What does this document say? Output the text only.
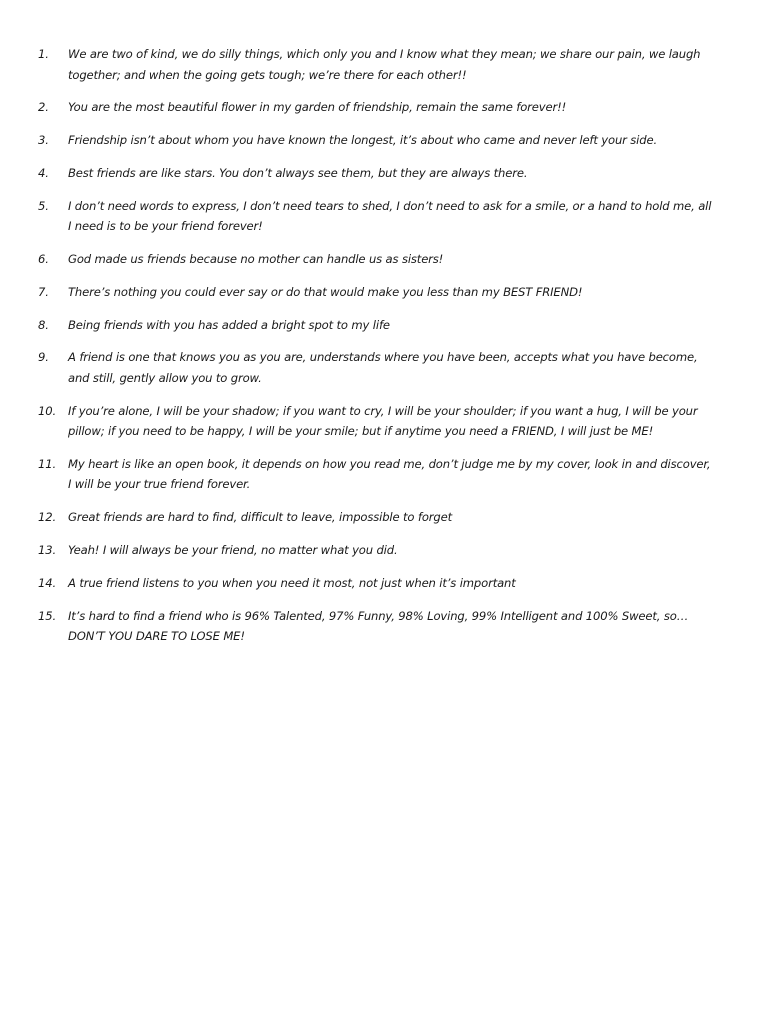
1.	We are two of kind, we do silly things, which only you and I know what they mean; we share our pain, we laugh together; and when the going gets tough; we’re there for each other!!
2.	You are the most beautiful flower in my garden of friendship, remain the same forever!!
3.	Friendship isn’t about whom you have known the longest, it’s about who came and never left your side.
4.	Best friends are like stars. You don’t always see them, but they are always there.
5.	I don’t need words to express, I don’t need tears to shed, I don’t need to ask for a smile, or a hand to hold me, all I need is to be your friend forever!
6.	God made us friends because no mother can handle us as sisters!
7.	There’s nothing you could ever say or do that would make you less than my BEST FRIEND!
8.	Being friends with you has added a bright spot to my life
9.	A friend is one that knows you as you are, understands where you have been, accepts what you have become, and still, gently allow you to grow.
10.	If you’re alone, I will be your shadow; if you want to cry, I will be your shoulder; if you want a hug, I will be your pillow; if you need to be happy, I will be your smile; but if anytime you need a FRIEND, I will just be ME!
11.	My heart is like an open book, it depends on how you read me, don’t judge me by my cover, look in and discover, I will be your true friend forever.
12.	Great friends are hard to find, difficult to leave, impossible to forget
13.	Yeah! I will always be your friend, no matter what you did.
14.	A true friend listens to you when you need it most, not just when it’s important
15.	It’s hard to find a friend who is 96% Talented, 97% Funny, 98% Loving, 99% Intelligent and 100% Sweet, so…DON’T YOU DARE TO LOSE ME!
